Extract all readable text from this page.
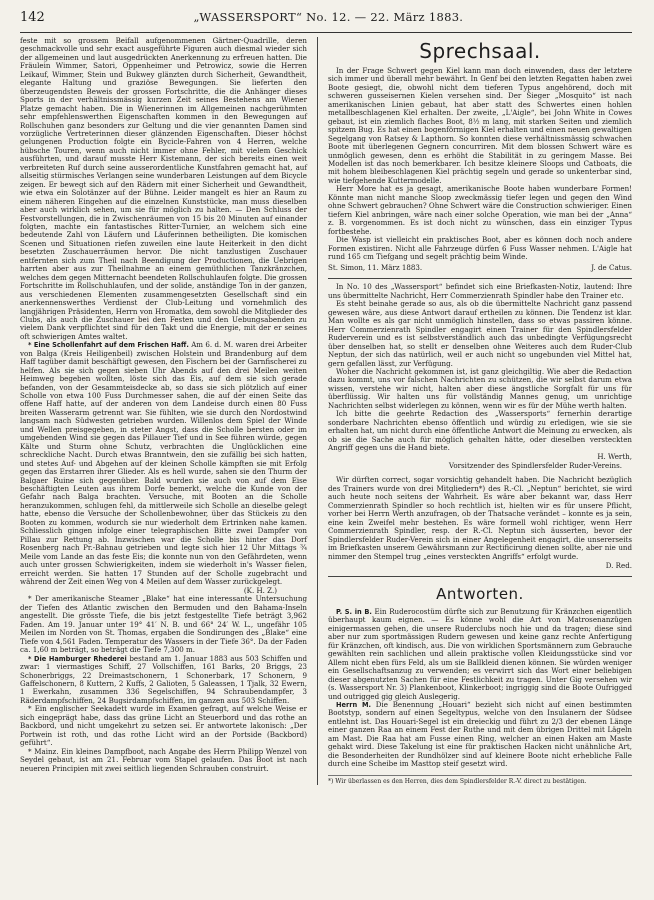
142	„WASSERSPORT“ No. 12. — 22. März 1883.

feste mit so grossem Beifall aufgenommenen Gärtner-Quadrille, deren geschmackvolle und sehr exact ausgeführte Figuren auch diesmal wieder sich der allgemeinen und laut ausgedrückten Anerkennung zu erfreuen hatten. Die Fräulein Wimmer, Satori, Oppenheimer und Petrowicz, sowie die Herren Leikauf, Wimmer, Stein und Bukwey glänzten durch Sicherheit, Gewandtheit, elegante Haltung und graziöse Bewegungen. Sie lieferten den überzeugendsten Beweis der grossen Fortschritte, die die Anhänger dieses Sports in der verhältnissmässig kurzen Zeit seines Bestehens am Wiener Platze gemacht haben. Die in Wienerinnen im Allgemeinen nachgerühmten sehr empfehlenswerthen Eigenschaften kommen in den Bewegungen auf Rollschuhen ganz besonders zur Geltung und die vier genannten Damen sind vorzügliche Vertreterinnen dieser glänzenden Eigenschaften. Dieser höchst gelungenen Production folgte ein Bycicle-Fahren von 4 Herren, welche hübsche Touren, wenn auch nicht immer ohne Fehler, mit vielem Geschick ausführten, und darauf musste Herr Kistemann, der sich bereits einen weit verbreiteten Ruf durch seine ausserordentliche Kunstfahren gemacht hat, auf allseitig stürmisches Verlangen seine wunderbaren Leistungen auf dem Bicycle zeigen. Er bewegt sich auf den Rädern mit einer Sicherheit und Gewandtheit, wie etwa ein Solotänzer auf der Bühne. Leider mangelt es hier an Raum zu einem näheren Eingehen auf die einzelnen Kunststücke, man muss dieselben aber auch wirklich sehen, um sie für möglich zu halten. — Den Schluss der Festvorstellungen, die in Zwischenräumen von 15 bis 20 Minuten auf einander folgten, machte ein fantastisches Ritter-Turnier, an welchem sich eine bedeutende Zahl von Läufern und Läuferinnen betheiligten. Die komischen Scenen und Situationen riefen zuweilen eine laute Heiterkeit in den dicht besetzten Zuschauerräumen hervor. Die nicht tanzlustigen Zuschauer entfernten sich zum Theil nach Beendigung der Productionen, die Uebrigen harrten aber aus zur Theilnahme an einem gemüthlichen Tanzkränzchen, welches dem gegen Mitternacht beendeten Rollschuhlaufen folgte. Die grossen Fortschritte im Rollschuhlaufen, und der solide, anständige Ton in der ganzen, aus verschiedenen Elementen zusammengesetzten Gesellschaft sind ein anerkennenswerthes Verdienst der Club-Leitung und vornehmlich des langjährigen Präsidenten, Herrn von Hromatka, dem sowohl die Mitglieder des Clubs, als auch die Zuschauer bei den Festen und den Uebungsabenden zu vielem Dank verpflichtet sind für den Takt und die Energie, mit der er seines oft schwierigen Amtes waltet.

* Eine Schollenfahrt auf dem Frischen Haff. Am 6. d. M. waren drei Arbeiter von Balga (Kreis Heiligenbeil) zwischen Holstein und Brandenburg auf dem Haff tagüber damit beschäftigt gewesen, den Fischern bei der Garnfischerei zu helfen. Als sie sich gegen sieben Uhr Abends auf den drei Meilen weiten Heimweg begeben wollten, löste sich das Eis, auf dem sie sich gerade befanden, von der Gesammteisdecke ab, so dass sie sich plötzlich auf einer Scholle von etwa 100 Fuss Durchmesser sahen, die auf der einen Seite das offene Haff hatte, auf der anderen von dem Landeise durch einen 80 Fuss breiten Wasserarm getrennt war. Sie fühlten, wie sie durch den Nordostwind langsam nach Südwesten getrieben wurden. Willenlos dem Spiel der Winde und Wellen preisgegeben, in steter Angst, dass die Scholle bersten oder im umgebenden Wind sie gegen das Pillauer Tief und in See führen würde, gegen Kälte und Sturm ohne Schutz, verbrachten die Unglücklichen eine schreckliche Nacht. Durch etwas Branntwein, den sie zufällig bei sich hatten, und stetes Auf- und Abgehen auf der kleinen Scholle kämpften sie mit Erfolg gegen das Erstarren ihrer Glieder. Als es hell wurde, sahen sie den Thurm der Balgaer Ruine sich gegenüber. Bald wurden sie auch von auf dem Eise beschäftigten Leuten aus ihrem Dorfe bemerkt, welche die Kunde von der Gefahr nach Balga brachten. Versuche, mit Booten an die Scholle heranzukommen, schlugen fehl, da mittlerweile sich Scholle an dieselbe gelegt hatte, ebenso die Versuche der Schollenbewohner, über das Stückeis zu den Booten zu kommen, wodurch sie nur wiederholt dem Ertrinken nahe kamen. Schliesslich gingen infolge einer telegraphischen Bitte zwei Dampfer von Pillau zur Rettung ab. Inzwischen war die Scholle bis hinter das Dorf Rosenberg nach Pr.-Bahnau getrieben und legte sich hier 12 Uhr Mittags ¾ Meile vom Lande an das feste Eis; die konnte nun von den Gefährdeten, wenn auch unter grossen Schwierigkeiten, indem sie wiederholt in's Wasser fielen, erreicht werden. Sie hatten 17 Stunden auf der Scholle zugebracht und während der Zeit einen Weg von 4 Meilen auf dem Wasser zurückgelegt.

(K. H. Z.)

* Der amerikanische Steamer „Blake“ hat eine interessante Untersuchung der Tiefen des Atlantic zwischen den Bermuden und den Bahama-Inseln angestellt. Die grösste Tiefe, die bis jetzt festgestellte Tiefe beträgt 3,962 Faden. Am 19. Januar unter 19° 41′ N. B. und 66° 24′ W. L., ungefähr 105 Meilen im Norden von St. Thomas, ergaben die Sondirungen des „Blake“ eine Tiefe von 4,561 Faden. Temperatur des Wassers in der Tiefe 36°. Da der Faden ca. 1,60 m beträgt, so beträgt die Tiefe 7,300 m.

* Die Hamburger Rhederei bestand am 1. Januar 1883 aus 503 Schiffen und zwar: 1 viermastiges Schiff, 27 Vollschiffen, 161 Barks, 20 Briggs, 23 Schonerbriggs, 22 Dreimastschonern, 1 Schonerbark, 17 Schonern, 9 Gaffelschonern, 8 Kuttern, 2 Kuffs, 2 Galioten, 5 Galeassen, 1 Tjalk, 32 Ewern, 1 Ewerkahn, zusammen 336 Segelschiffen, 94 Schraubendampfer, 3 Räderdampfschiffen, 24 Bugsirdampfschiffen, im ganzen aus 503 Schiffen.

* Ein englischer Seekadett wurde im Examen gefragt, auf welche Weise er sich eingeprägt habe, dass das grüne Licht an Steuerbord und das rothe an Backbord, und nicht umgekehrt zu setzen sei. Er antwortete lakonisch: „Der Portwein ist roth, und das rothe Licht wird an der Portside (Backbord) geführt“.

* Mainz. Ein kleines Dampfboot, nach Angabe des Herrn Philipp Wenzel von Seydel gebaut, ist am 21. Februar vom Stapel gelaufen. Das Boot ist nach neueren Principien mit zwei seitlich liegenden Schrauben construirt.

Sprechsaal.

In der Frage Schwert gegen Kiel kann man doch einwenden, dass der letztere sich immer und überall mehr bewährt. In Genf bei den letzten Regatten haben zwei Boote gesiegt, die, obwohl nicht dem tieferen Typus angehörend, doch mit schweren gusseisernen Kielen versehen sind. Der Sieger „Mosquito“ ist nach amerikanischen Linien gebaut, hat aber statt des Schwertes einen hohlen metallbeschlagenen Kiel erhalten. Der zweite, „L'Aigle“, bei John White in Cowes gebaut, ist ein ziemlich flaches Boot, 8½ m lang, mit starken Seiten und ziemlich spitzem Bug. Es hat einen bogenförmigen Kiel erhalten und einen neuen gewaltigen Segelgang von Ratsey & Lapthorn. So konnten diese verhältnissmässig schwachen Boote mit überlegenen Gegnern concurriren. Mit dem blossen Schwert wäre es unmöglich gewesen, denn es erhöht die Stabilität in zu geringem Masse. Bei Modellen ist das noch bemerkbarer. Ich besitze kleinere Sloops und Catboats, die mit hohem bleibeschlagenen Kiel prächtig segeln und gerade so unkenterbar sind, wie tiefgehende Kuttermodelle.

Herr More hat es ja gesagt, amerikanische Boote haben wunderbare Formen! Könnte man nicht manche Sloop zweckmässig tiefer legen und gegen den Wind ohne Schwert gebrauchen? Ohne Schwert wäre die Construction schwieriger. Einen tiefern Kiel anbringen, wäre nach einer solche Operation, wie man bei der „Anna“ z. B. vorgenommen. Es ist doch nicht zu wünschen, dass ein einziger Typus fortbestehe.

Die Wasp ist vielleicht ein praktisches Boot, aber es können doch noch andere Formen existiren. Nicht alle Fahrzeuge dürfen 6 Fuss Wasser nehmen. L'Aigle hat rund 165 cm Tiefgang und segelt prächtig beim Winde.

St. Simon, 11. März 1883.	J. de Catus.

In No. 10 des „Wassersport“ befindet sich eine Briefkasten-Notiz, lautend: Ihre uns übermittelte Nachricht, Herr Commerzienrath Spindler habe den Trainer etc.

Es steht beinahe gerade so aus, als ob die übermittelte Nachricht ganz passend gewesen wäre, aus diese Antwort darauf ertheilen zu können. Die Tendenz ist klar. Man wollte es als gar nicht unmöglich hinstellen, dass so etwas passiren könne. Herr Commerzienrath Spindler engagirt einen Trainer für den Spindlersfelder Ruderverein und es ist selbstverständlich auch das unbedingte Verfügungsrecht über denselben hat, so stellt er denselben ohne Weiteres auch dem Ruder-Club Neptun, der sich das natürlich, weil er auch nicht so ungebunden viel Mittel hat, gern gefallen lässt, zur Verfügung.

Woher die Nachricht gekommen ist, ist ganz gleichgiltig. Wie aber die Redaction dazu kommt, uns vor falschen Nachrichten zu schützen, die wir selbst darum etwa wissen, verstehe wir nicht, halten aber diese ängstliche Sorgfalt für uns für überflüssig. Wir halten uns für vollständig Mannes genug, um unrichtige Nachrichten selbst widerlegen zu können, wenn wir es für der Mühe werth halten.

Ich bitte die geehrte Redaction des „Wassersports“ fernerhin derartige sonderbare Nachrichten ebenso öffentlich und würdig zu erledigen, wie sie sie erhalten hat, um nicht durch eine öffentliche Antwort die Meinung zu erwecken, als ob sie die Sache auch für möglich gehalten hätte, oder dieselben versteckten Angriff gegen uns die Hand biete.

H. Werth,
Vorsitzender des Spindlersfelder Ruder-Vereins.

Wir dürften correct, sogar vorsichtig gehandelt haben. Die Nachricht bezüglich des Trainers wurde von drei Mitgliedern*) des R.-Cl. „Neptun“ berichtet, sie wird auch heute noch seitens der Wahrheit. Es wäre aber bekannt war, dass Herr Commerzienrath Spindler so hoch rechtlich ist, hielten wir es für unsere Pflicht, vorher bei Herrn Werth anzufragen, ob der Thatsache verändet – konnte es ja sein, eine kein Zweifel mehr bestehen. Es wäre formell wohl richtiger, wenn Herr Commerzienrath Spindler, resp. der R.-Cl. Neptun sich äusserten, bevor der Spindlersfelder Ruder-Verein sich in einer Angelegenheit engagirt, die unsererseits im Briefkasten unserem Gewährsmann zur Rectificirung dienen sollte, aber nie und nimmer den Stempel trug „eines versteckten Angriffs“ erfolgt wurde.

D. Red.
Antworten.

P. S. in B. Ein Ruderocostüm dürfte sich zur Benutzung für Kränzchen eigentlich überhaupt kaum eignen. — Es könne wohl die Art von Matrosenanzügen einigermassen gehen, die unsere Ruderclubs noch hie und da tragen; diese sind aber nur zum sportmässigen Rudern gewesen und keine ganz rechte Anfertigung für Kränzchen, oft kindisch, aus. Die von wirklichen Sportsmännern zum Gebrauche gewählten rein sachlichen und allein praktische vollen Kleidungsstücke sind vor Allem nicht eben fürs Feld, als um sie Ballkleid dienen können. Sie würden weniger ein Gesellschaftsanzug zu verwenden; es verwirrt sich das Wort einer beliebigen dieser abgenutzten Sachen für eine Festlichkeit zu tragen. Unter Gig versehen wir (s. Wassersport Nr. 3) Plankenboot, Klinkerboot; ingriggig sind die Boote Oufrigged und outrigged gig gleich Auslegerig.

Herrn M. Die Benennung „Houari“ bezieht sich nicht auf einen bestimmten Bootstyp, sondern auf einen Segeltypus, welche von den Insulanern der Südsee entlehnt ist. Das Houari-Segel ist ein dreieckig und führt zu 2/3 der ebenen Länge einer ganzen Raa an einem Fest der Ruthe und mit dem übrigen Drittel mit Lägeln am Mast. Die Raa hat am Fusse einen Ring, welcher an einen Haken am Maste gehakt wird. Diese Takelung ist eine für praktischen Hacken nicht unähnliche Art, die Besonderheiten der Rundhölzer sind auf kleinere Boote nicht erhebliche Falle durch eine Scheibe im Masttop steif gesetzt wird.

*) Wir überlassen es den Herren, dies dem Spindlersfelder R.-V. direct zu bestätigen.
